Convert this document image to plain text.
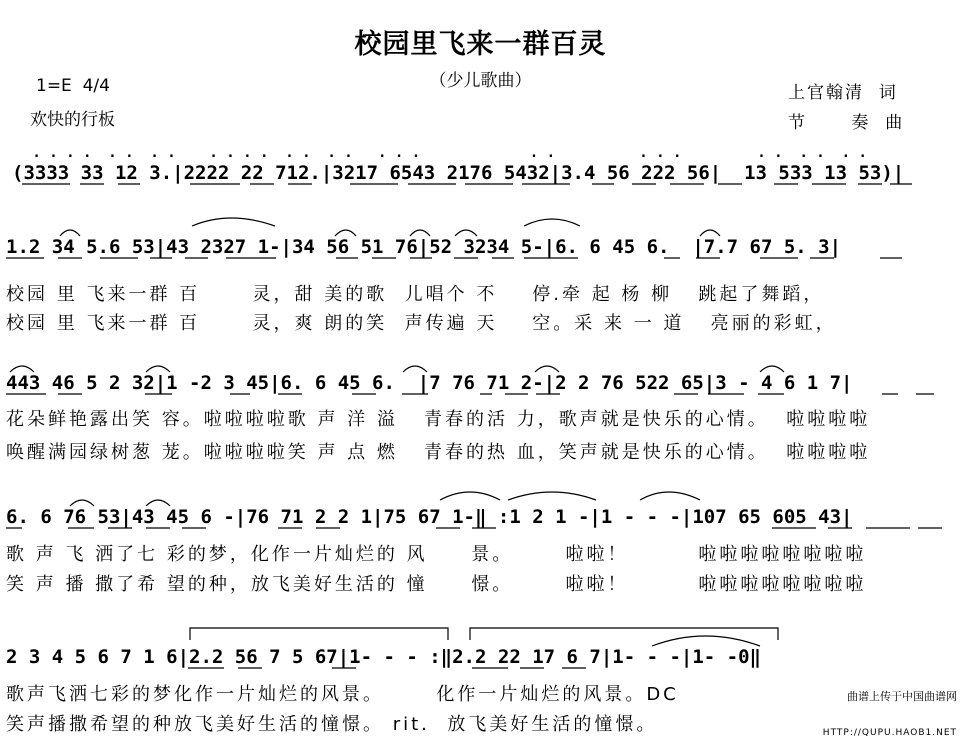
校园里飞来一群百灵
（少儿歌曲）
1=E  4/4
欢快的行板
上官翰清  词
节      奏  曲
. . . .  . .  . .    . . . .  . .  . .   . . .             . .          . . .         . .  . .  . .
(3333 33 12 3.|2222 22 712.|3217 6543 2176 5432|3.4 56 222 56|  13 533 13 53)|
1.2 34 5.6 53|43 2327 1-|34 56 51 76|52 3234 5-|6. 6 45 6.  |7.7 67 5. 3|
校园 里 飞来一群 百      灵，甜 美的歌  儿唱个 不    停.牵 起 杨 柳   跳起了舞蹈，
校园 里 飞来一群 百      灵，爽 朗的笑  声传遍 天    空。采 来 一 道   亮丽的彩虹，
443 46 5 2 32|1 -2 3 45|6. 6 45 6.  |7 76 71 2-|2 2 76 522 65|3 - 4 6 1 7|
花朵鲜艳露出笑 容。啦啦啦啦歌 声 洋 溢   青春的活 力，歌声就是快乐的心情。  啦啦啦啦
唤醒满园绿树葱 茏。啦啦啦啦笑 声 点 燃   青春的热 血，笑声就是快乐的心情。  啦啦啦啦
6. 6 76 53|43 45 6 -|76 71 2 2 1|75 67 1-‖ :1 2 1 -|1 - - -|107 65 605 43|
歌 声 飞 洒了七 彩的梦，化作一片灿烂的 风     景。      啦啦！        啦啦啦啦啦啦啦啦
笑 声 播 撒了希 望的种，放飞美好生活的 憧     憬。      啦啦！        啦啦啦啦啦啦啦啦
2 3 4 5 6 7 1 6|2.2 56 7 5 67|1- - - :‖2.2 22 17 6 7|1- - -|1- -0‖
歌声飞洒七彩的梦化作一片灿烂的风景。      化作一片灿烂的风景。DC
笑声播撒希望的种放飞美好生活的憧憬。 rit.  放飞美好生活的憧憬。

曲谱上传于中国曲谱网

HTTP://QUPU.HAOB1.NET
